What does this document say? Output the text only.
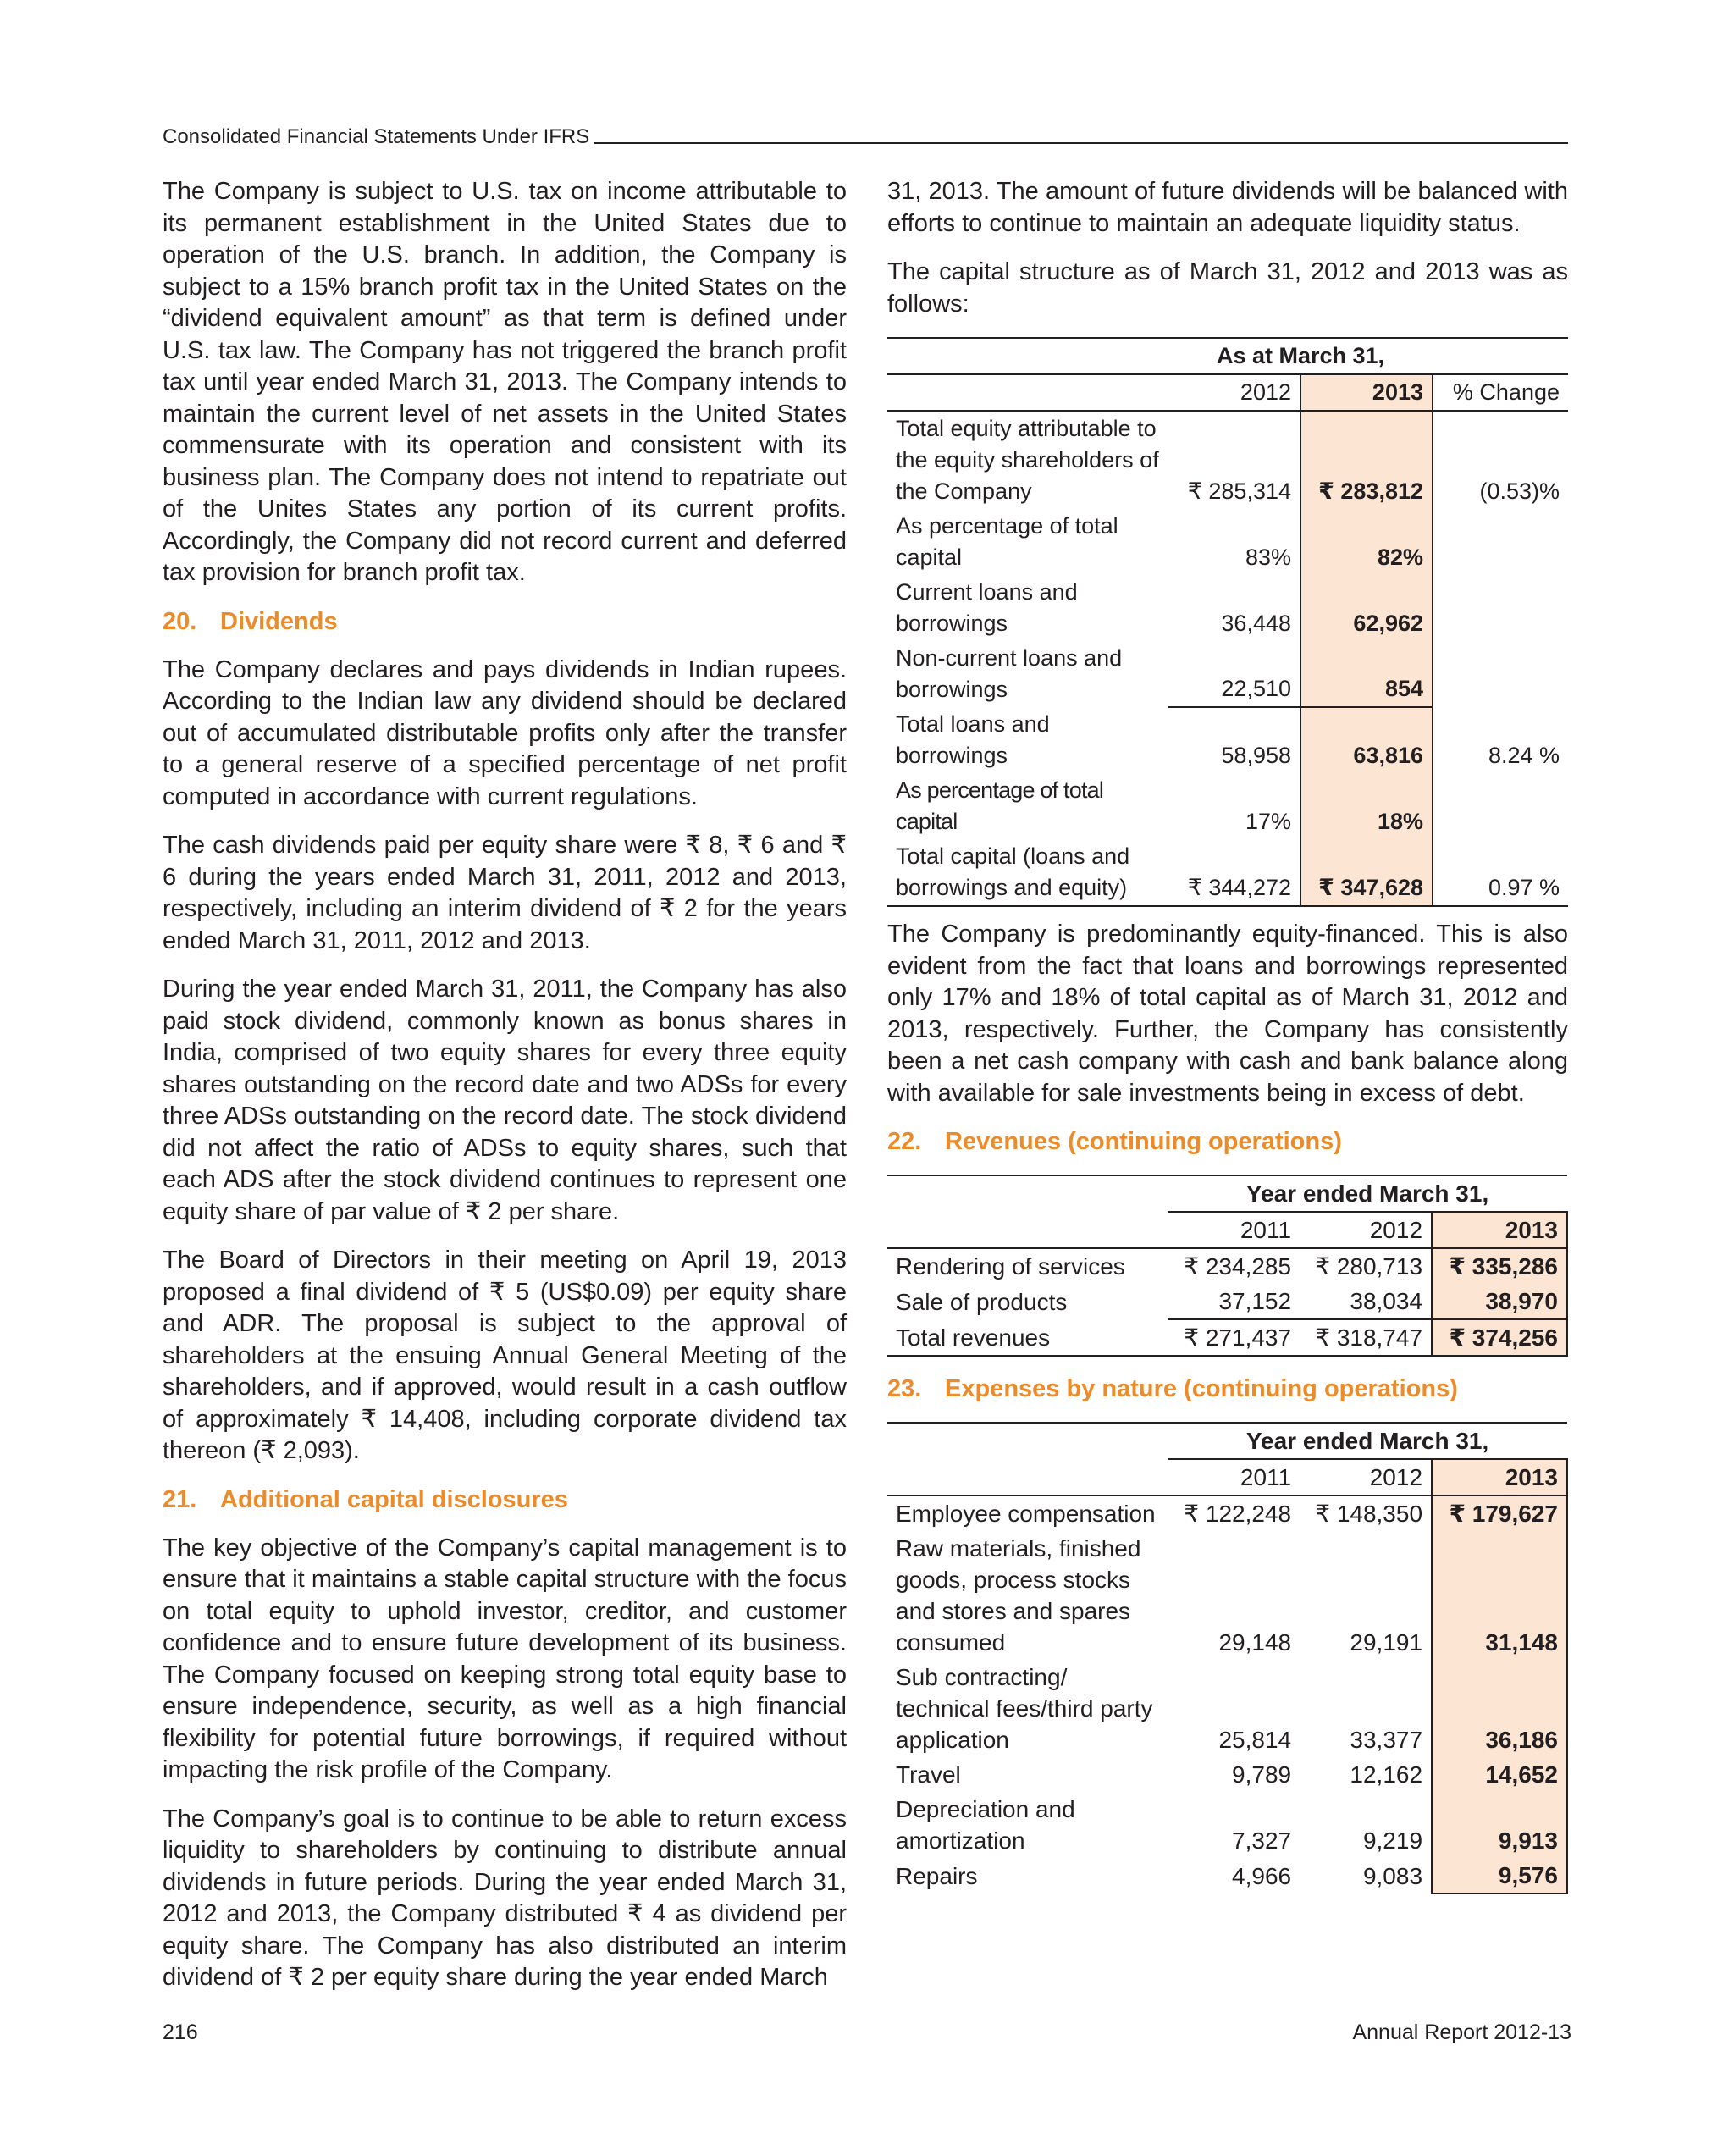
Consolidated Financial Statements Under IFRS

The Company is subject to U.S. tax on income attributable to its permanent establishment in the United States due to operation of the U.S. branch. In addition, the Company is subject to a 15% branch profit tax in the United States on the “dividend equivalent amount” as that term is defined under U.S. tax law. The Company has not triggered the branch profit tax until year ended March 31, 2013. The Company intends to maintain the current level of net assets in the United States commensurate with its operation and consistent with its business plan. The Company does not intend to repatriate out of the Unites States any portion of its current profits. Accordingly, the Company did not record current and deferred tax provision for branch profit tax.

20. Dividends

The Company declares and pays dividends in Indian rupees. According to the Indian law any dividend should be declared out of accumulated distributable profits only after the transfer to a general reserve of a specified percentage of net profit computed in accordance with current regulations.

The cash dividends paid per equity share were ₹ 8, ₹ 6 and ₹ 6 during the years ended March 31, 2011, 2012 and 2013, respectively, including an interim dividend of ₹ 2 for the years ended March 31, 2011, 2012 and 2013.

During the year ended March 31, 2011, the Company has also paid stock dividend, commonly known as bonus shares in India, comprised of two equity shares for every three equity shares outstanding on the record date and two ADSs for every three ADSs outstanding on the record date. The stock dividend did not affect the ratio of ADSs to equity shares, such that each ADS after the stock dividend continues to represent one equity share of par value of ₹ 2 per share.

The Board of Directors in their meeting on April 19, 2013 proposed a final dividend of ₹ 5 (US$0.09) per equity share and ADR. The proposal is subject to the approval of shareholders at the ensuing Annual General Meeting of the shareholders, and if approved, would result in a cash outflow of approximately ₹ 14,408, including corporate dividend tax thereon (₹ 2,093).

21. Additional capital disclosures

The key objective of the Company’s capital management is to ensure that it maintains a stable capital structure with the focus on total equity to uphold investor, creditor, and customer confidence and to ensure future development of its business. The Company focused on keeping strong total equity base to ensure independence, security, as well as a high financial flexibility for potential future borrowings, if required without impacting the risk profile of the Company.

The Company’s goal is to continue to be able to return excess liquidity to shareholders by continuing to distribute annual dividends in future periods. During the year ended March 31, 2012 and 2013, the Company distributed ₹ 4 as dividend per equity share. The Company has also distributed an interim dividend of ₹ 2 per equity share during the year ended March

31, 2013. The amount of future dividends will be balanced with efforts to continue to maintain an adequate liquidity status.

The capital structure as of March 31, 2012 and 2013 was as follows:

	As at March 31,		
	2012	2013	% Change
Total equity attributable to the equity shareholders of the Company	₹ 285,314	₹ 283,812	(0.53)%
As percentage of total capital	83%	82%	
Current loans and borrowings	36,448	62,962	
Non-current loans and borrowings	22,510	854	
Total loans and borrowings	58,958	63,816	8.24 %
As percentage of total capital	17%	18%	
Total capital (loans and borrowings and equity)	₹ 344,272	₹ 347,628	0.97 %

The Company is predominantly equity-financed. This is also evident from the fact that loans and borrowings represented only 17% and 18% of total capital as of March 31, 2012 and 2013, respectively. Further, the Company has consistently been a net cash company with cash and bank balance along with available for sale investments being in excess of debt.

22. Revenues (continuing operations)
	Year ended March 31,		
	2011	2012	2013
Rendering of services	₹ 234,285	₹ 280,713	₹ 335,286
Sale of products	37,152	38,034	38,970
Total revenues	₹ 271,437	₹ 318,747	₹ 374,256
23. Expenses by nature (continuing operations)
	Year ended March 31,		
	2011	2012	2013
Employee compensation	₹ 122,248	₹ 148,350	₹ 179,627
Raw materials, finished goods, process stocks and stores and spares consumed	29,148	29,191	31,148
Sub contracting/ technical fees/third party application	25,814	33,377	36,186
Travel	9,789	12,162	14,652
Depreciation and amortization	7,327	9,219	9,913
Repairs	4,966	9,083	9,576
216	Annual Report 2012-13
